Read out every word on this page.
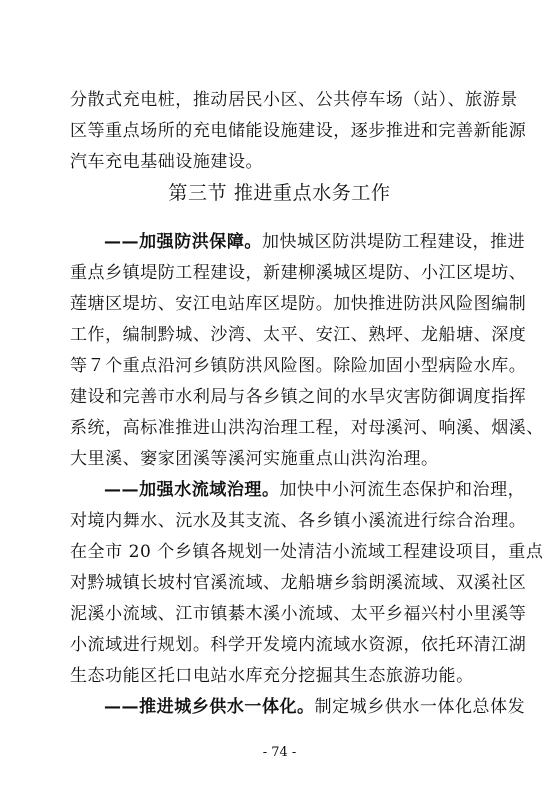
分散式充电桩，推动居民小区、公共停车场（站）、旅游景
区等重点场所的充电储能设施建设，逐步推进和完善新能源
汽车充电基础设施建设。
第三节 推进重点水务工作
——加强防洪保障。加快城区防洪堤防工程建设，推进
重点乡镇堤防工程建设，新建柳溪城区堤防、小江区堤坊、
莲塘区堤坊、安江电站库区堤防。加快推进防洪风险图编制
工作，编制黔城、沙湾、太平、安江、熟坪、龙船塘、深度
等７个重点沿河乡镇防洪风险图。除险加固小型病险水库。
建设和完善市水利局与各乡镇之间的水旱灾害防御调度指挥
系统，高标准推进山洪沟治理工程，对母溪河、响溪、烟溪、
大里溪、窭家团溪等溪河实施重点山洪沟治理。
——加强水流域治理。加快中小河流生态保护和治理，
对境内舞水、沅水及其支流、各乡镇小溪流进行综合治理。
在全市 20 个乡镇各规划一处清洁小流域工程建设项目，重点
对黔城镇长坡村官溪流域、龙船塘乡翁朗溪流域、双溪社区
泥溪小流域、江市镇綦木溪小流域、太平乡福兴村小里溪等
小流域进行规划。科学开发境内流域水资源，依托环清江湖
生态功能区托口电站水库充分挖掘其生态旅游功能。
——推进城乡供水一体化。制定城乡供水一体化总体发
- 74 -
